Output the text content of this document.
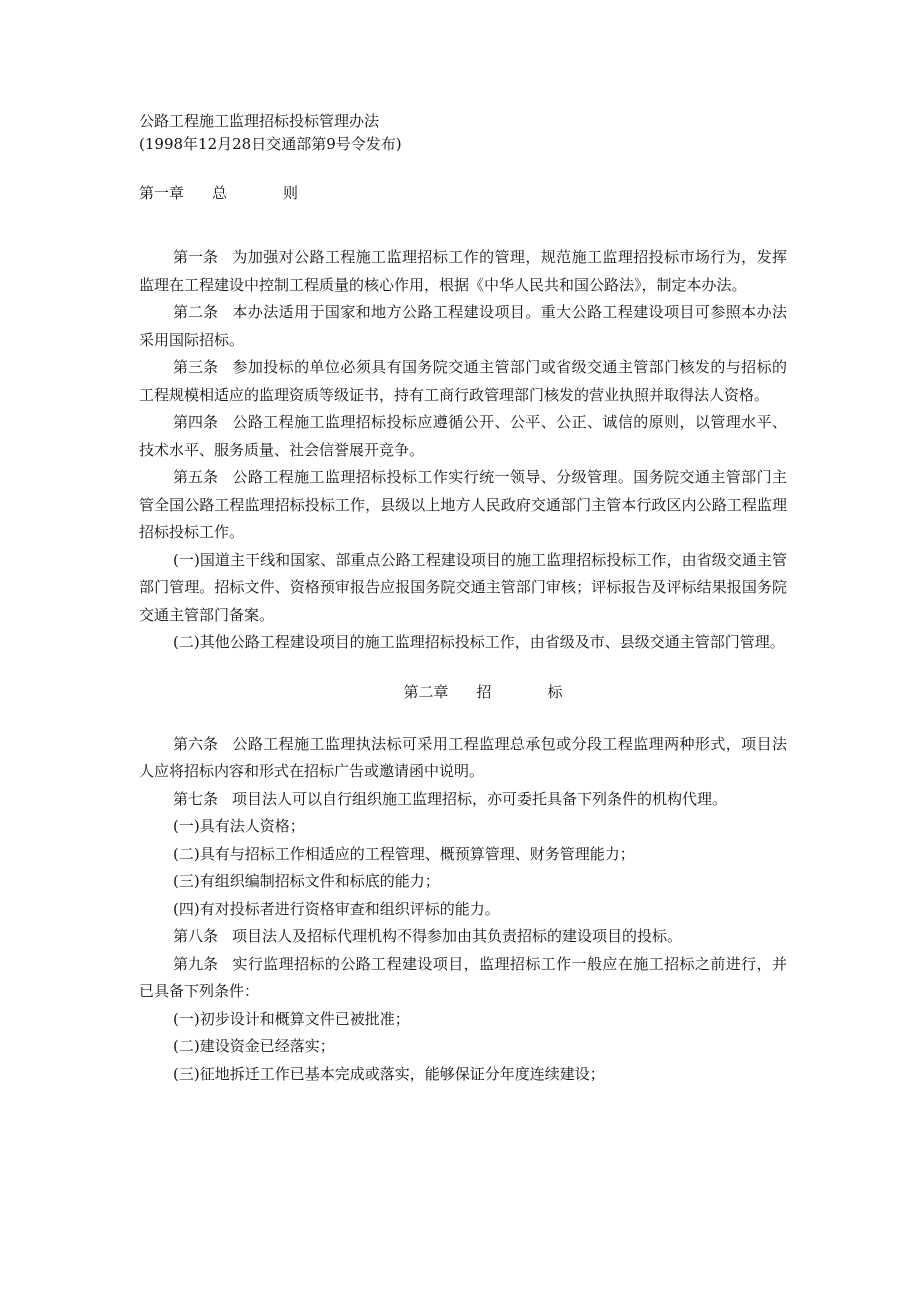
公路工程施工监理招标投标管理办法

(1998年12月28日交通部第9号令发布)

第一章 总	则

第一条 为加强对公路工程施工监理招标工作的管理，规范施工监理招投标市场行为，发挥监理在工程建设中控制工程质量的核心作用，根据《中华人民共和国公路法》，制定本办法。

第二条 本办法适用于国家和地方公路工程建设项目。重大公路工程建设项目可参照本办法采用国际招标。

第三条 参加投标的单位必须具有国务院交通主管部门或省级交通主管部门核发的与招标的工程规模相适应的监理资质等级证书，持有工商行政管理部门核发的营业执照并取得法人资格。

第四条 公路工程施工监理招标投标应遵循公开、公平、公正、诚信的原则，以管理水平、技术水平、服务质量、社会信誉展开竞争。

第五条 公路工程施工监理招标投标工作实行统一领导、分级管理。国务院交通主管部门主管全国公路工程监理招标投标工作，县级以上地方人民政府交通部门主管本行政区内公路工程监理招标投标工作。

(一)国道主干线和国家、部重点公路工程建设项目的施工监理招标投标工作，由省级交通主管部门管理。招标文件、资格预审报告应报国务院交通主管部门审核；评标报告及评标结果报国务院交通主管部门备案。

(二)其他公路工程建设项目的施工监理招标投标工作，由省级及市、县级交通主管部门管理。

第二章 招	标

第六条 公路工程施工监理执法标可采用工程监理总承包或分段工程监理两种形式，项目法人应将招标内容和形式在招标广告或邀请函中说明。

第七条 项目法人可以自行组织施工监理招标，亦可委托具备下列条件的机构代理。

(一)具有法人资格；

(二)具有与招标工作相适应的工程管理、概预算管理、财务管理能力；

(三)有组织编制招标文件和标底的能力；

(四)有对投标者进行资格审查和组织评标的能力。

第八条 项目法人及招标代理机构不得参加由其负责招标的建设项目的投标。

第九条 实行监理招标的公路工程建设项目，监理招标工作一般应在施工招标之前进行，并已具备下列条件：

(一)初步设计和概算文件已被批准；

(二)建设资金已经落实；

(三)征地拆迁工作已基本完成或落实，能够保证分年度连续建设；
